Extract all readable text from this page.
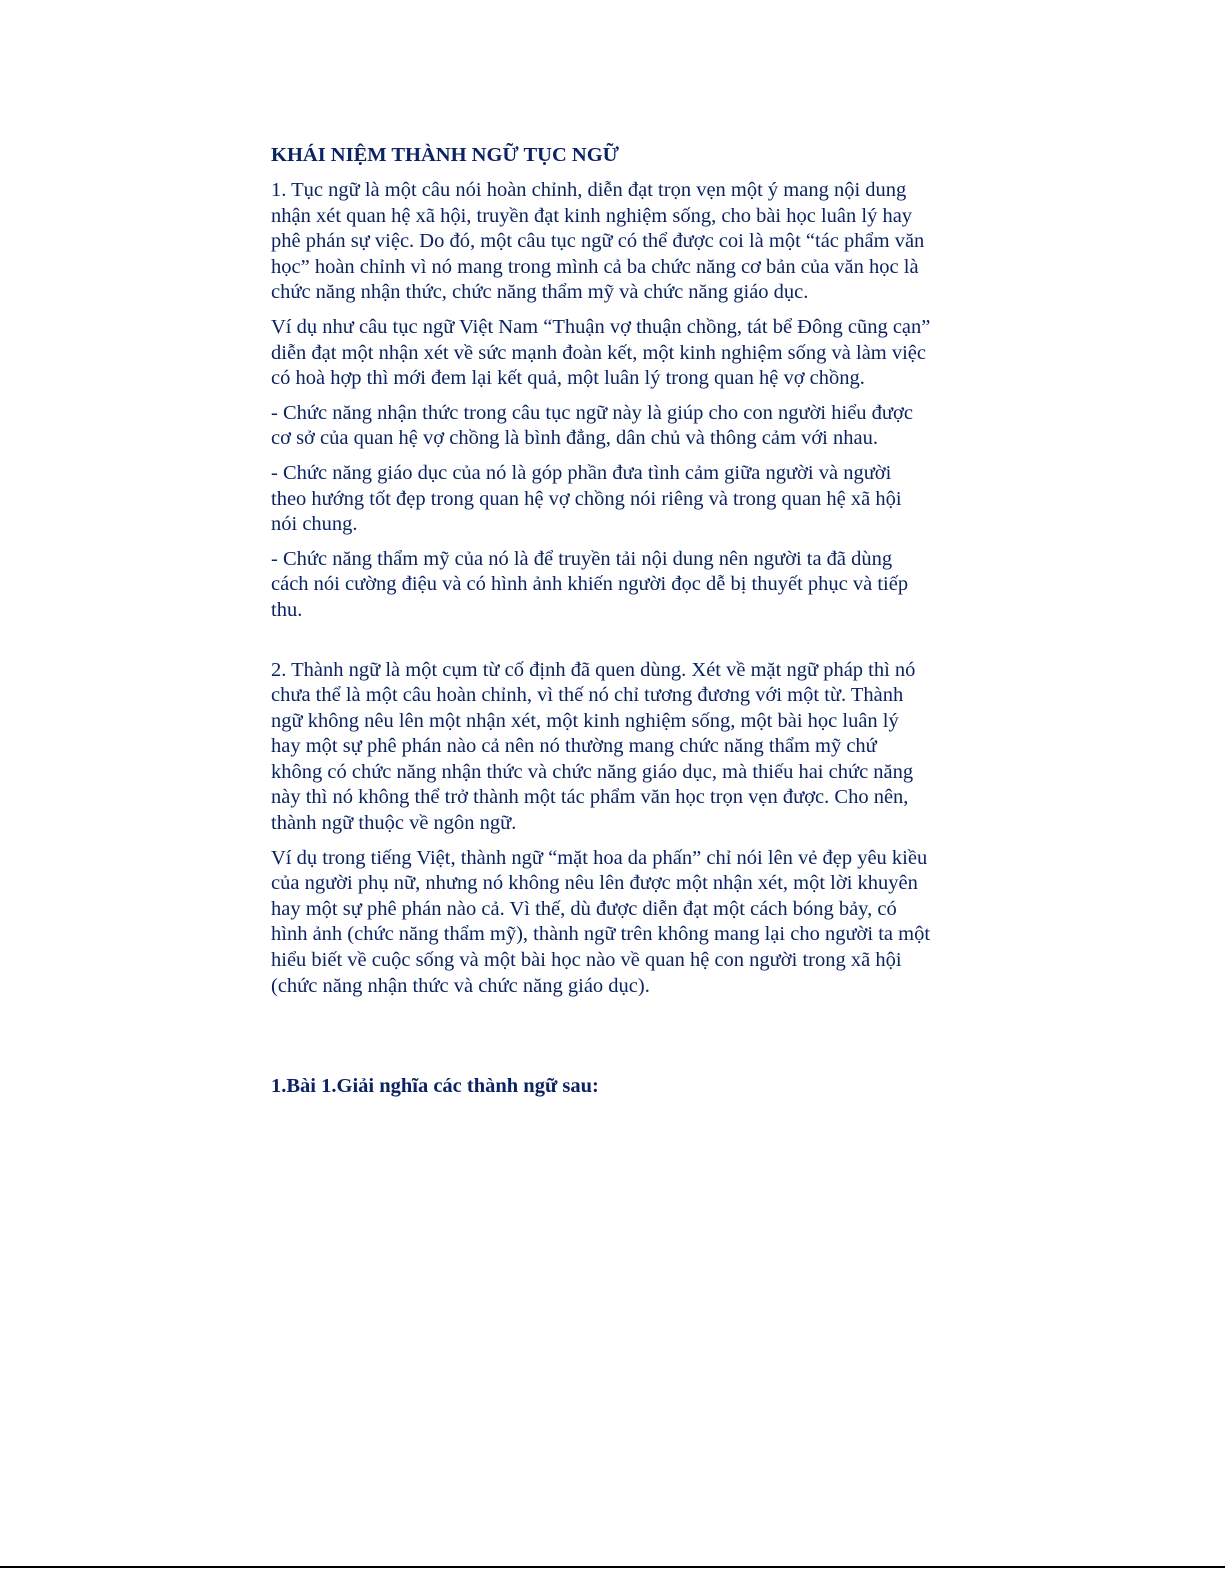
KHÁI NIỆM THÀNH NGỮ TỤC NGỮ

1. Tục ngữ là một câu nói hoàn chỉnh, diễn đạt trọn vẹn một ý mang nội dung
nhận xét quan hệ xã hội, truyền đạt kinh nghiệm sống, cho bài học luân lý hay
phê phán sự việc. Do đó, một câu tục ngữ có thể được coi là một “tác phẩm văn
học” hoàn chỉnh vì nó mang trong mình cả ba chức năng cơ bản của văn học là
chức năng nhận thức, chức năng thẩm mỹ và chức năng giáo dục.

Ví dụ như câu tục ngữ Việt Nam “Thuận vợ thuận chồng, tát bể Đông cũng cạn”
diễn đạt một nhận xét về sức mạnh đoàn kết, một kinh nghiệm sống và làm việc
có hoà hợp thì mới đem lại kết quả, một luân lý trong quan hệ vợ chồng.

- Chức năng nhận thức trong câu tục ngữ này là giúp cho con người hiểu được
cơ sở của quan hệ vợ chồng là bình đẳng, dân chủ và thông cảm với nhau.

- Chức năng giáo dục của nó là góp phần đưa tình cảm giữa người và người
theo hướng tốt đẹp trong quan hệ vợ chồng nói riêng và trong quan hệ xã hội
nói chung.

- Chức năng thẩm mỹ của nó là để truyền tải nội dung nên người ta đã dùng
cách nói cường điệu và có hình ảnh khiến người đọc dễ bị thuyết phục và tiếp
thu.

2. Thành ngữ là một cụm từ cố định đã quen dùng. Xét về mặt ngữ pháp thì nó
chưa thể là một câu hoàn chỉnh, vì thế nó chỉ tương đương với một từ. Thành
ngữ không nêu lên một nhận xét, một kinh nghiệm sống, một bài học luân lý
hay một sự phê phán nào cả nên nó thường mang chức năng thẩm mỹ chứ
không có chức năng nhận thức và chức năng giáo dục, mà thiếu hai chức năng
này thì nó không thể trở thành một tác phẩm văn học trọn vẹn được. Cho nên,
thành ngữ thuộc về ngôn ngữ.

Ví dụ trong tiếng Việt, thành ngữ “mặt hoa da phấn” chỉ nói lên vẻ đẹp yêu kiều
của người phụ nữ, nhưng nó không nêu lên được một nhận xét, một lời khuyên
hay một sự phê phán nào cả. Vì thế, dù được diễn đạt một cách bóng bảy, có
hình ảnh (chức năng thẩm mỹ), thành ngữ trên không mang lại cho người ta một
hiểu biết về cuộc sống và một bài học nào về quan hệ con người trong xã hội
(chức năng nhận thức và chức năng giáo dục).

1.Bài 1.Giải nghĩa các thành ngữ sau:
